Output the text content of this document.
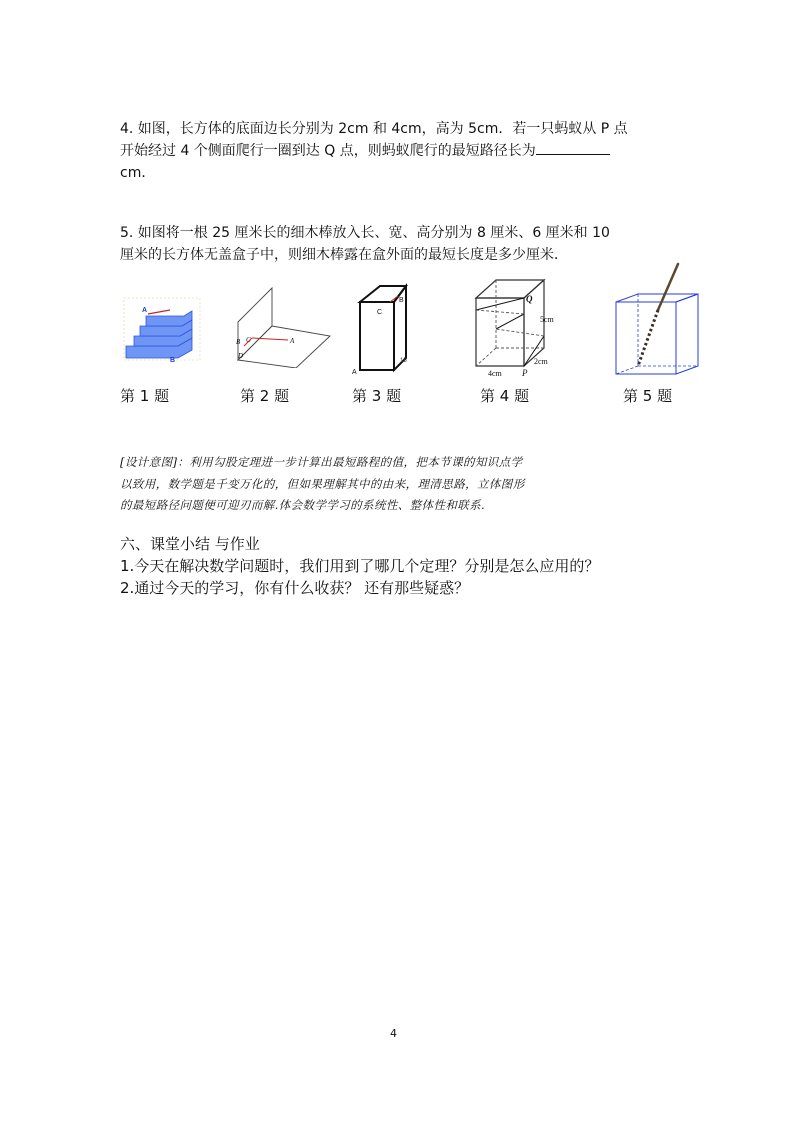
4. 如图，长方体的底面边长分别为 2cm 和 4cm，高为 5cm．若一只蚂蚁从 P 点
开始经过 4 个侧面爬行一圈到达 Q 点，则蚂蚁爬行的最短路径长为
cm．
5. 如图将一根 25 厘米长的细木棒放入长、宽、高分别为 8 厘米、6 厘米和 10
厘米的长方体无盖盒子中，则细木棒露在盒外面的最短长度是多少厘米．
A
B
B C
D
A
C
B
A
15
Q
5cm
2cm
4cm P
第 1 题	第 2 题	第 3 题	第 4 题	第 5 题
[设计意图]：利用勾股定理进一步计算出最短路程的值，把本节课的知识点学
以致用，数学题是千变万化的，但如果理解其中的由来，理清思路，立体图形
的最短路径问题便可迎刃而解.体会数学学习的系统性、整体性和联系.
六、课堂小结 与作业
1.今天在解决数学问题时，我们用到了哪几个定理？分别是怎么应用的？
2.通过今天的学习，你有什么收获？ 还有那些疑惑？
4
